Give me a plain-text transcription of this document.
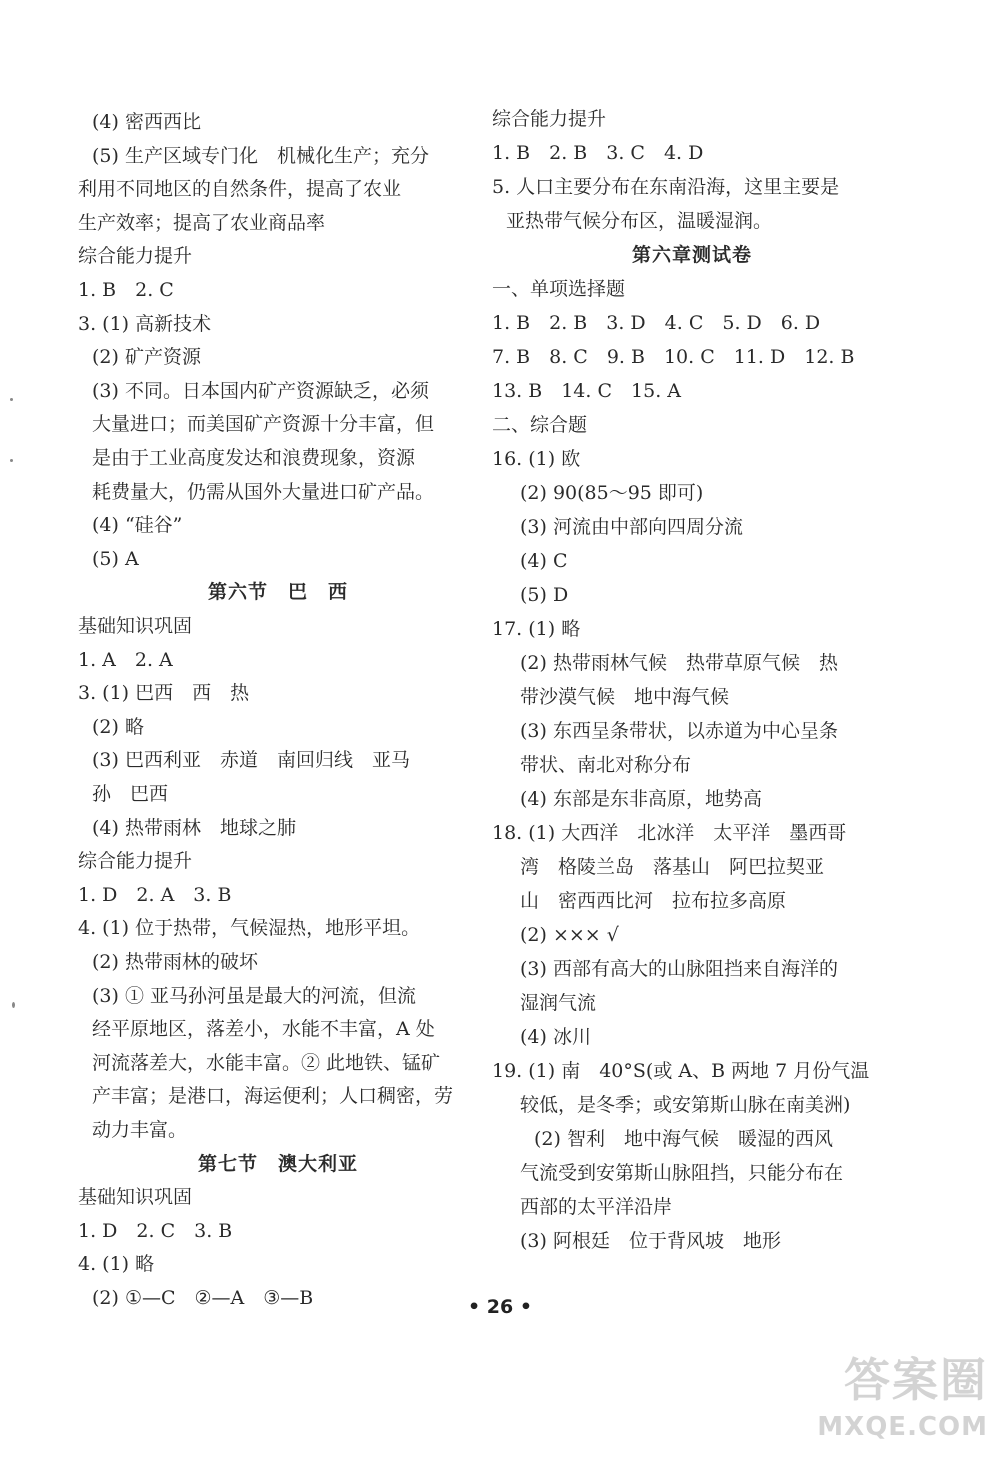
(4) 密西西比
(5) 生产区域专门化　机械化生产；充分
利用不同地区的自然条件，提高了农业
生产效率；提高了农业商品率
综合能力提升
1. B　2. C
3. (1) 高新技术
(2) 矿产资源
(3) 不同。日本国内矿产资源缺乏，必须
大量进口；而美国矿产资源十分丰富，但
是由于工业高度发达和浪费现象，资源
耗费量大，仍需从国外大量进口矿产品。
(4) “硅谷”
(5) A
第六节　巴　西
基础知识巩固
1. A　2. A
3. (1) 巴西　西　热
(2) 略
(3) 巴西利亚　赤道　南回归线　亚马
孙　巴西
(4) 热带雨林　地球之肺
综合能力提升
1. D　2. A　3. B
4. (1) 位于热带，气候湿热，地形平坦。
(2) 热带雨林的破坏
(3) ① 亚马孙河虽是最大的河流，但流
经平原地区，落差小，水能不丰富，A 处
河流落差大，水能丰富。② 此地铁、锰矿
产丰富；是港口，海运便利；人口稠密，劳
动力丰富。
第七节　澳大利亚
基础知识巩固
1. D　2. C　3. B
4. (1) 略
(2) ①—C　②—A　③—B
综合能力提升
1. B　2. B　3. C　4. D
5. 人口主要分布在东南沿海，这里主要是
亚热带气候分布区，温暖湿润。
第六章测试卷
一、单项选择题
1. B　2. B　3. D　4. C　5. D　6. D
7. B　8. C　9. B　10. C　11. D　12. B
13. B　14. C　15. A
二、综合题
16. (1) 欧
(2) 90(85～95 即可)
(3) 河流由中部向四周分流
(4) C
(5) D
17. (1) 略
(2) 热带雨林气候　热带草原气候　热
带沙漠气候　地中海气候
(3) 东西呈条带状，以赤道为中心呈条
带状、南北对称分布
(4) 东部是东非高原，地势高
18. (1) 大西洋　北冰洋　太平洋　墨西哥
湾　格陵兰岛　落基山　阿巴拉契亚
山　密西西比河　拉布拉多高原
(2) ××× √
(3) 西部有高大的山脉阻挡来自海洋的
湿润气流
(4) 冰川
19. (1) 南　40°S(或 A、B 两地 7 月份气温
较低，是冬季；或安第斯山脉在南美洲)
(2) 智利　地中海气候　暖湿的西风
气流受到安第斯山脉阻挡，只能分布在
西部的太平洋沿岸
(3) 阿根廷　位于背风坡　地形
• 26 •
答案圈
MXQE.COM
